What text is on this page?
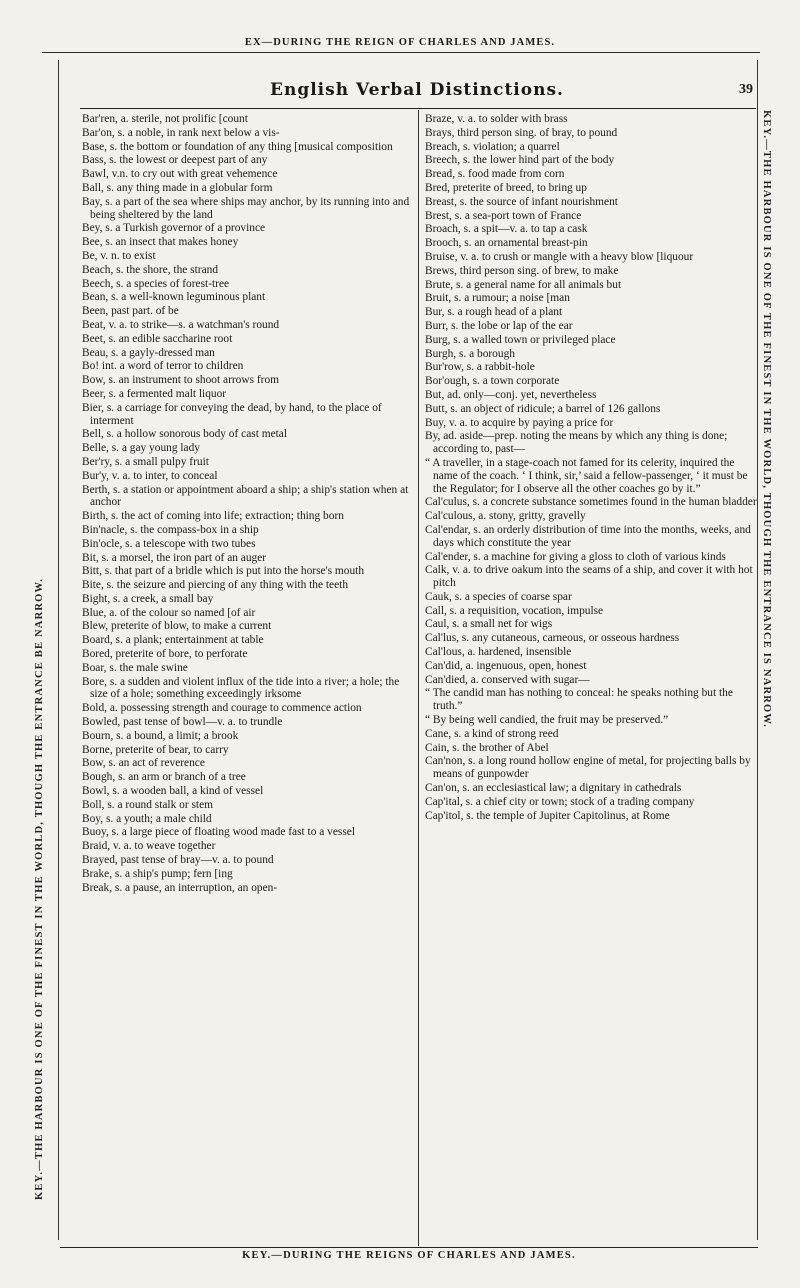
EX—DURING THE REIGN OF CHARLES AND JAMES.
KEY.—THE HARBOUR IS ONE OF THE FINEST IN THE WORLD, THOUGH THE ENTRANCE BE NARROW.
KEY.—THE HARBOUR IS ONE OF THE FINEST IN THE WORLD, THOUGH THE ENTRANCE IS NARROW.
English Verbal Distinctions.	39
Bar'ren, a. sterile, not prolific [count
Bar'on, s. a noble, in rank next below a vis-
Base, s. the bottom or foundation of any thing [musical composition
Bass, s. the lowest or deepest part of any
Bawl, v.n. to cry out with great vehemence
Ball, s. any thing made in a globular form
Bay, s. a part of the sea where ships may anchor, by its running into and being sheltered by the land
Bey, s. a Turkish governor of a province
Bee, s. an insect that makes honey
Be, v. n. to exist
Beach, s. the shore, the strand
Beech, s. a species of forest-tree
Bean, s. a well-known leguminous plant
Been, past part. of be
Beat, v. a. to strike—s. a watchman's round
Beet, s. an edible saccharine root
Beau, s. a gayly-dressed man
Bo! int. a word of terror to children
Bow, s. an instrument to shoot arrows from
Beer, s. a fermented malt liquor
Bier, s. a carriage for conveying the dead, by hand, to the place of interment
Bell, s. a hollow sonorous body of cast metal
Belle, s. a gay young lady
Ber'ry, s. a small pulpy fruit
Bur'y, v. a. to inter, to conceal
Berth, s. a station or appointment aboard a ship; a ship's station when at anchor
Birth, s. the act of coming into life; extraction; thing born
Bin'nacle, s. the compass-box in a ship
Bin'ocle, s. a telescope with two tubes
Bit, s. a morsel, the iron part of an auger
Bitt, s. that part of a bridle which is put into the horse's mouth
Bite, s. the seizure and piercing of any thing with the teeth
Bight, s. a creek, a small bay
Blue, a. of the colour so named [of air
Blew, preterite of blow, to make a current
Board, s. a plank; entertainment at table
Bored, preterite of bore, to perforate
Boar, s. the male swine
Bore, s. a sudden and violent influx of the tide into a river; a hole; the size of a hole; something exceedingly irksome
Bold, a. possessing strength and courage to commence action
Bowled, past tense of bowl—v. a. to trundle
Bourn, s. a bound, a limit; a brook
Borne, preterite of bear, to carry
Bow, s. an act of reverence
Bough, s. an arm or branch of a tree
Bowl, s. a wooden ball, a kind of vessel
Boll, s. a round stalk or stem
Boy, s. a youth; a male child
Buoy, s. a large piece of floating wood made fast to a vessel
Braid, v. a. to weave together
Brayed, past tense of bray—v. a. to pound
Brake, s. a ship's pump; fern [ing
Break, s. a pause, an interruption, an open-
Braze, v. a. to solder with brass
Brays, third person sing. of bray, to pound
Breach, s. violation; a quarrel
Breech, s. the lower hind part of the body
Bread, s. food made from corn
Bred, preterite of breed, to bring up
Breast, s. the source of infant nourishment
Brest, s. a sea-port town of France
Broach, s. a spit—v. a. to tap a cask
Brooch, s. an ornamental breast-pin
Bruise, v. a. to crush or mangle with a heavy blow [liquour
Brews, third person sing. of brew, to make
Brute, s. a general name for all animals but
Bruit, s. a rumour; a noise [man
Bur, s. a rough head of a plant
Burr, s. the lobe or lap of the ear
Burg, s. a walled town or privileged place
Burgh, s. a borough
Bur'row, s. a rabbit-hole
Bor'ough, s. a town corporate
But, ad. only—conj. yet, nevertheless
Butt, s. an object of ridicule; a barrel of 126 gallons
Buy, v. a. to acquire by paying a price for
By, ad. aside—prep. noting the means by which any thing is done; according to, past—
“ A traveller, in a stage-coach not famed for its celerity, inquired the name of the coach. ‘ I think, sir,’ said a fellow-passenger, ‘ it must be the Regulator; for I observe all the other coaches go by it.”
Cal'culus, s. a concrete substance sometimes found in the human bladder
Cal'culous, a. stony, gritty, gravelly
Cal'endar, s. an orderly distribution of time into the months, weeks, and days which constitute the year
Cal'ender, s. a machine for giving a gloss to cloth of various kinds
Calk, v. a. to drive oakum into the seams of a ship, and cover it with hot pitch
Cauk, s. a species of coarse spar
Call, s. a requisition, vocation, impulse
Caul, s. a small net for wigs
Cal'lus, s. any cutaneous, carneous, or osseous hardness
Cal'lous, a. hardened, insensible
Can'did, a. ingenuous, open, honest
Can'died, a. conserved with sugar—
“ The candid man has nothing to conceal: he speaks nothing but the truth.”
“ By being well candied, the fruit may be preserved.”
Cane, s. a kind of strong reed
Cain, s. the brother of Abel
Can'non, s. a long round hollow engine of metal, for projecting balls by means of gunpowder
Can'on, s. an ecclesiastical law; a dignitary in cathedrals
Cap'ital, s. a chief city or town; stock of a trading company
Cap'itol, s. the temple of Jupiter Capitolinus, at Rome
KEY.—DURING THE REIGNS OF CHARLES AND JAMES.
